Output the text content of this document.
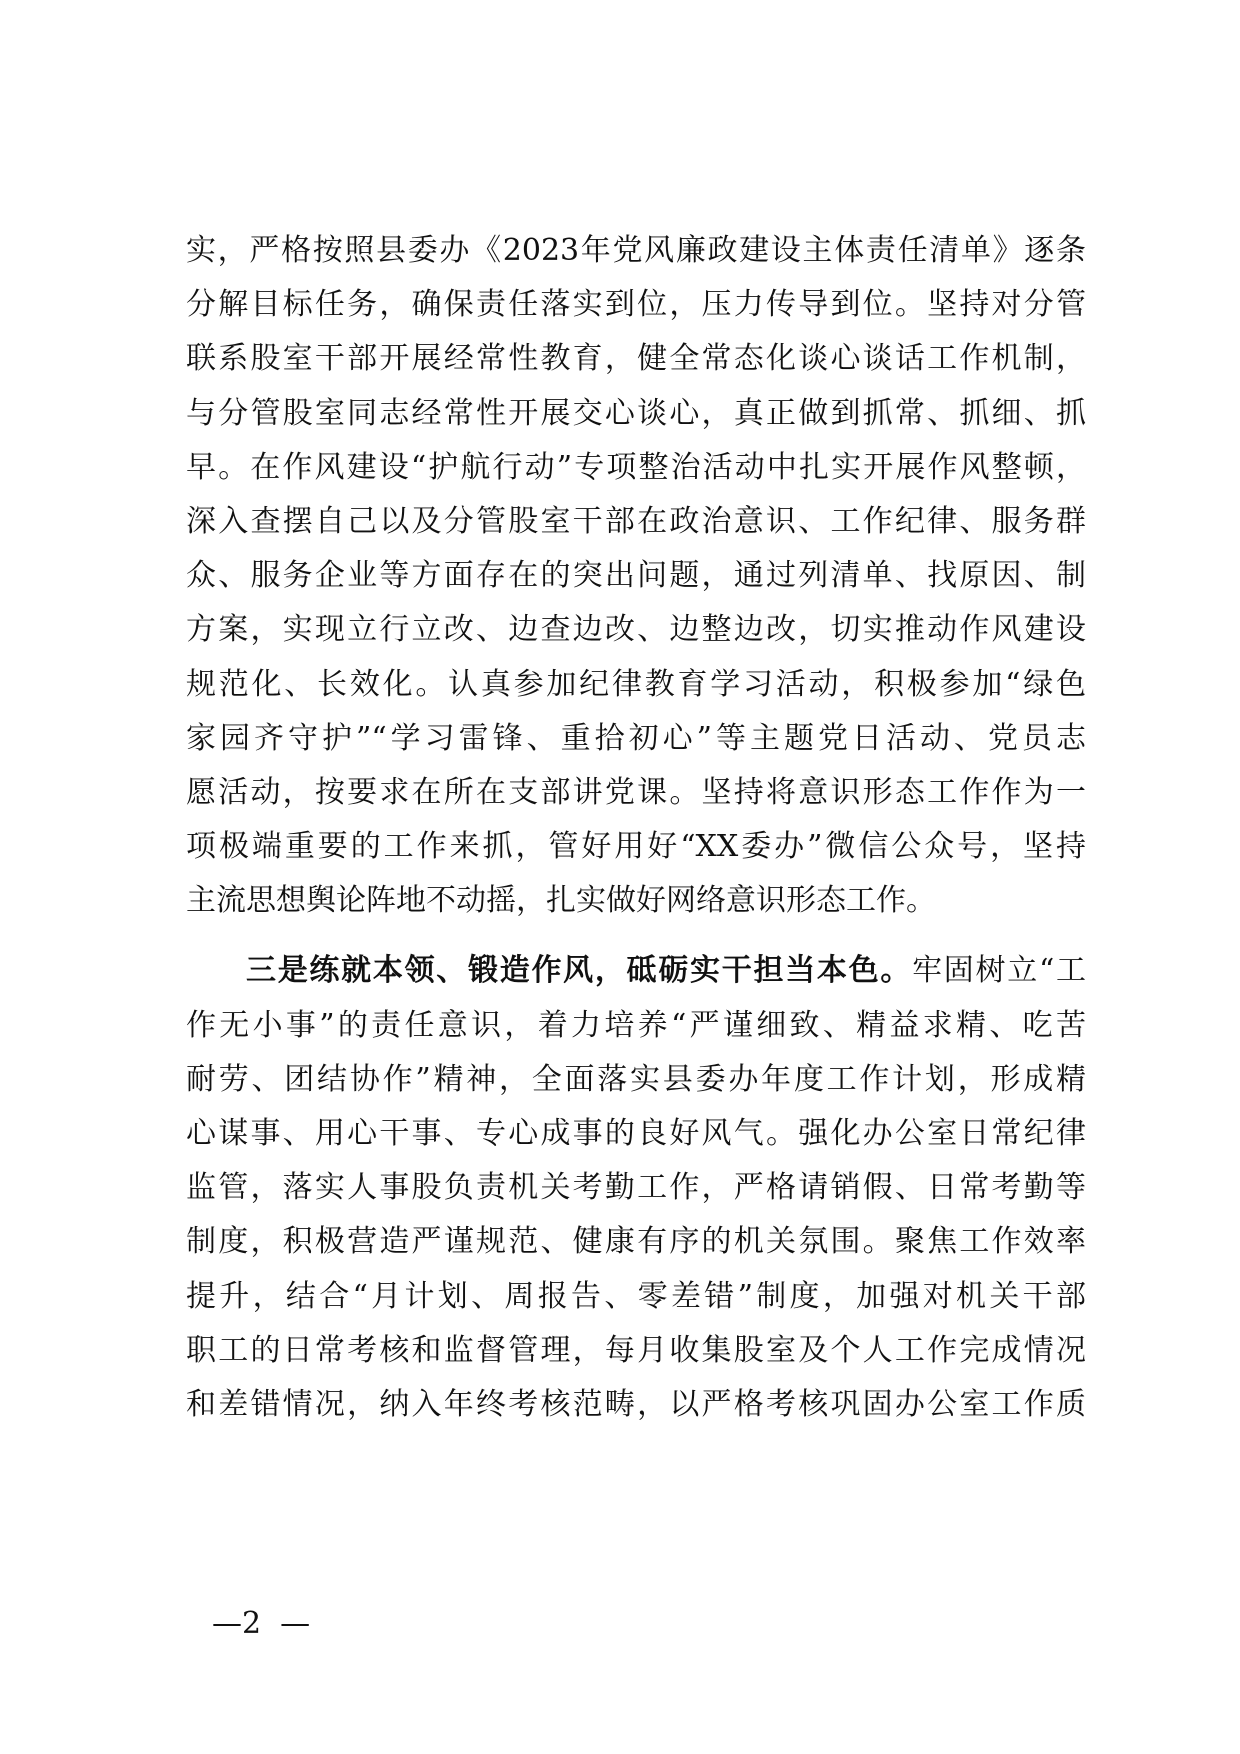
实，严格按照县委办《2023年党风廉政建设主体责任清单》逐条
分解目标任务，确保责任落实到位，压力传导到位。坚持对分管
联系股室干部开展经常性教育，健全常态化谈心谈话工作机制，
与分管股室同志经常性开展交心谈心，真正做到抓常、抓细、抓
早。在作风建设“护航行动”专项整治活动中扎实开展作风整顿，
深入查摆自己以及分管股室干部在政治意识、工作纪律、服务群
众、服务企业等方面存在的突出问题，通过列清单、找原因、制
方案，实现立行立改、边查边改、边整边改，切实推动作风建设
规范化、长效化。认真参加纪律教育学习活动，积极参加“绿色
家园齐守护”“学习雷锋、重拾初心”等主题党日活动、党员志
愿活动，按要求在所在支部讲党课。坚持将意识形态工作作为一
项极端重要的工作来抓，管好用好“XX委办”微信公众号，坚持
主流思想舆论阵地不动摇，扎实做好网络意识形态工作。
三是练就本领、锻造作风，砥砺实干担当本色。牢固树立“工
作无小事”的责任意识，着力培养“严谨细致、精益求精、吃苦
耐劳、团结协作”精神，全面落实县委办年度工作计划，形成精
心谋事、用心干事、专心成事的良好风气。强化办公室日常纪律
监管，落实人事股负责机关考勤工作，严格请销假、日常考勤等
制度，积极营造严谨规范、健康有序的机关氛围。聚焦工作效率
提升，结合“月计划、周报告、零差错”制度，加强对机关干部
职工的日常考核和监督管理，每月收集股室及个人工作完成情况
和差错情况，纳入年终考核范畴，以严格考核巩固办公室工作质
—2  —
